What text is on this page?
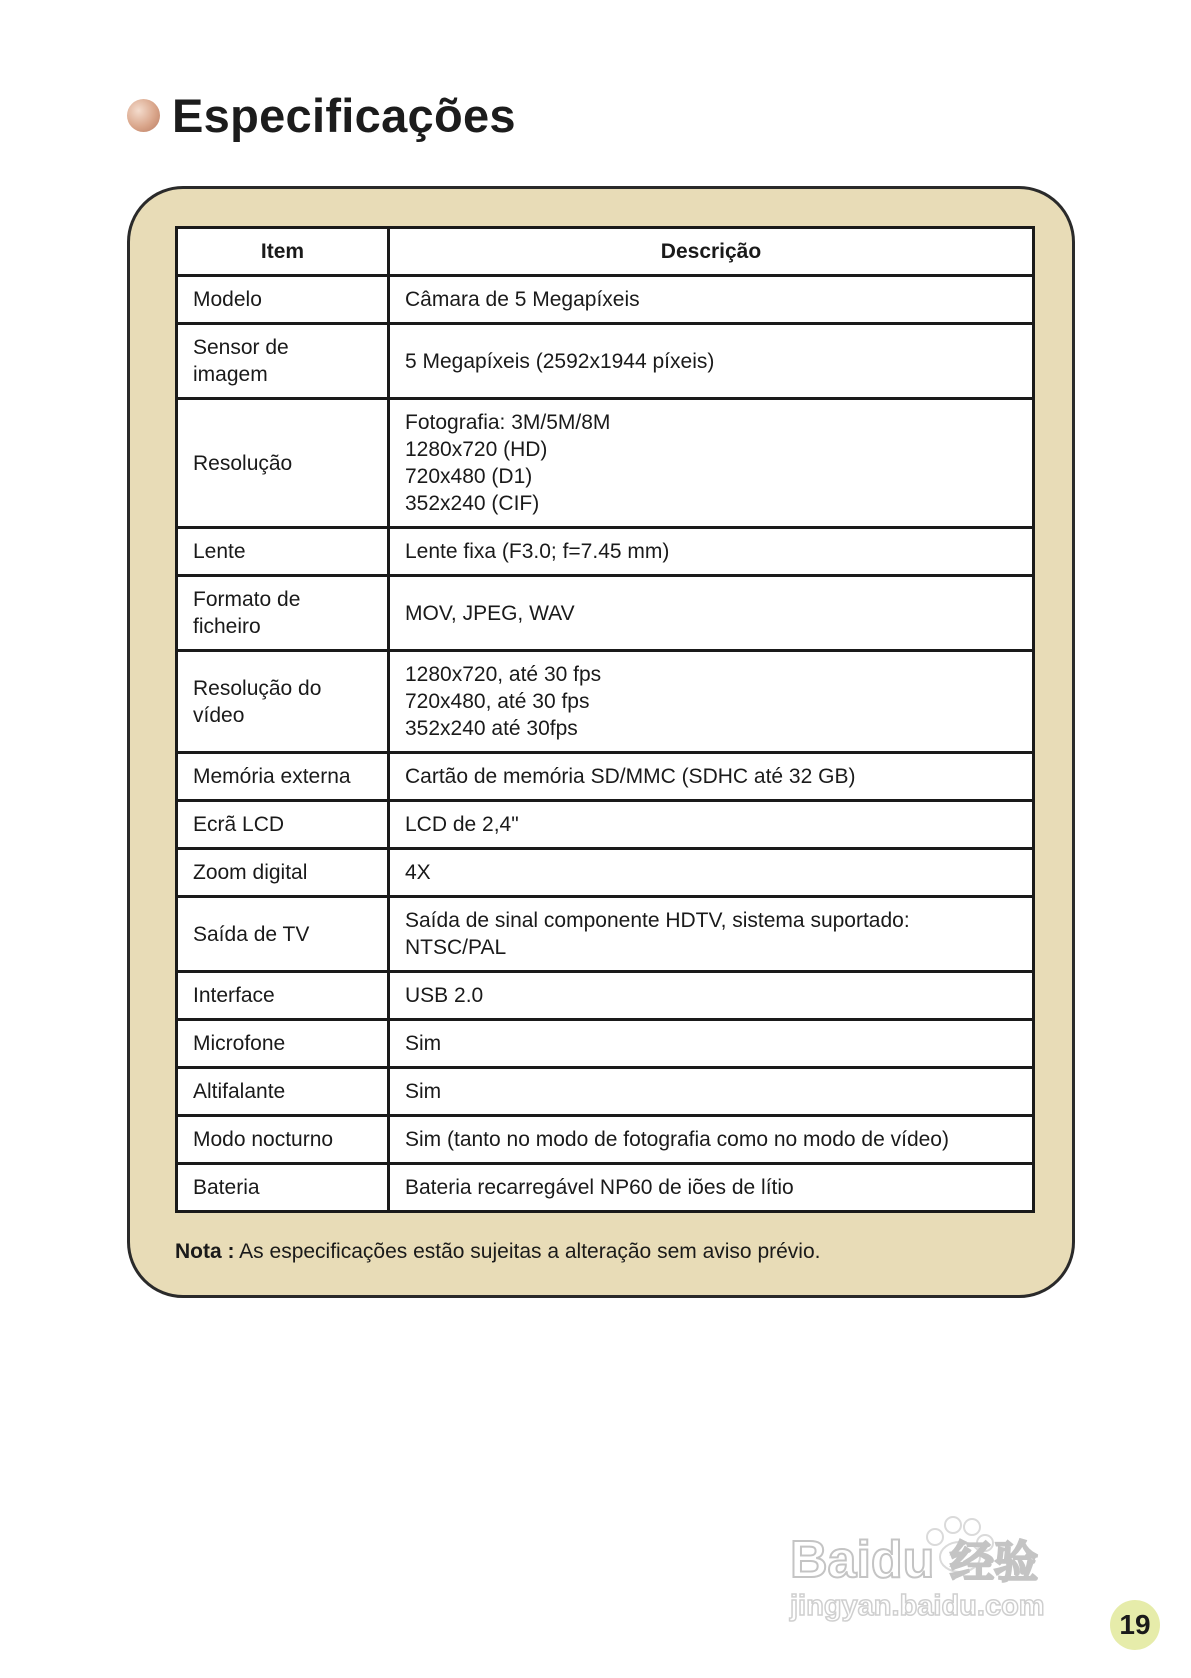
Especificações
Item	Descrição
Modelo	Câmara de 5 Megapíxeis
Sensor de
imagem	5 Megapíxeis (2592x1944 píxeis)
Resolução	Fotografia: 3M/5M/8M
1280x720 (HD)
720x480 (D1)
352x240 (CIF)
Lente	Lente fixa (F3.0; f=7.45 mm)
Formato de
ficheiro	MOV, JPEG, WAV
Resolução do
vídeo	1280x720, até 30 fps
720x480, até 30 fps
352x240 até 30fps
Memória externa	Cartão de memória SD/MMC (SDHC até 32 GB)
Ecrã LCD	LCD de 2,4"
Zoom digital	4X
Saída de TV	Saída de sinal componente HDTV, sistema suportado:
NTSC/PAL
Interface	USB 2.0
Microfone	Sim
Altifalante	Sim
Modo nocturno	Sim (tanto no modo de fotografia como no modo de vídeo)
Bateria	Bateria recarregável NP60 de iões de lítio
Nota : As especificações estão sujeitas a alteração sem aviso prévio.
Baidu 经验
jingyan.baidu.com
19
